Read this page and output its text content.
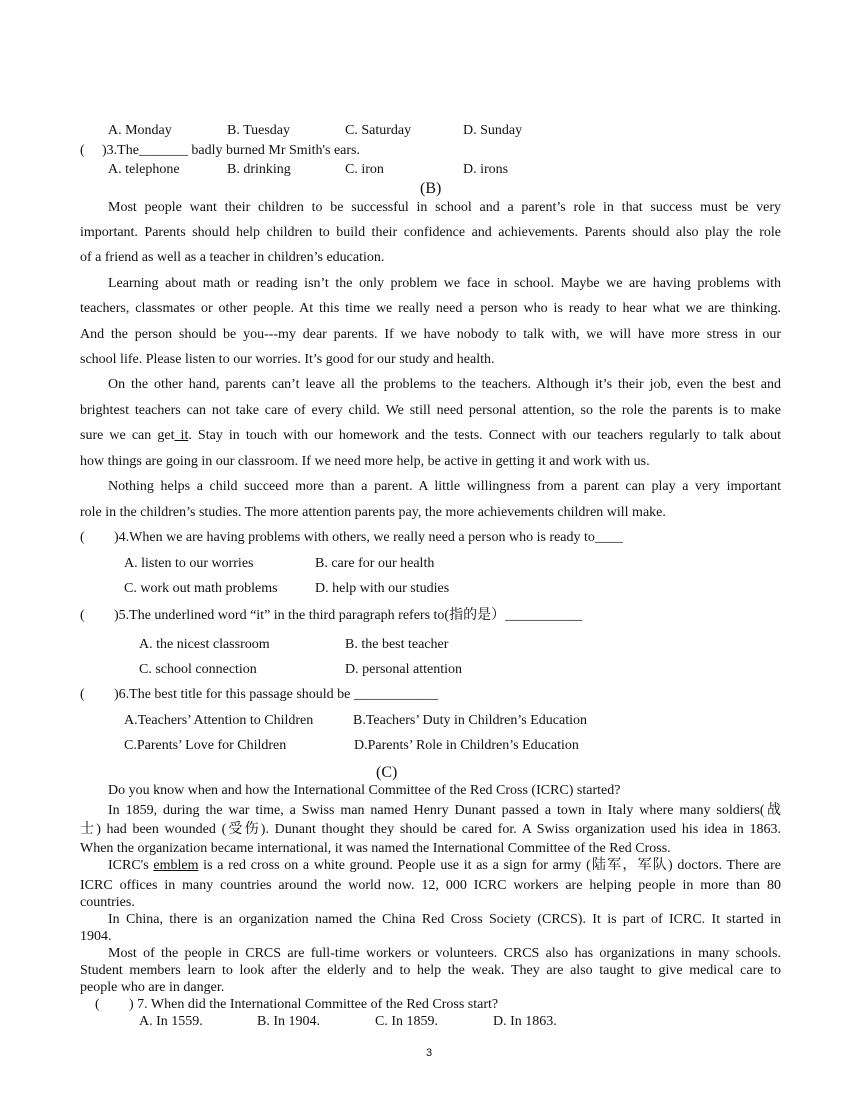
A. Monday	B. Tuesday	C. Saturday	D. Sunday
( )3.The_______ badly burned Mr Smith's ears.
A. telephone	B. drinking	C. iron	D. irons
(B)
Most people want their children to be successful in school and a parent’s role in that success must be very
important. Parents should help children to build their confidence and achievements. Parents should also play the role
of a friend as well as a teacher in children’s education.
Learning about math or reading isn’t the only problem we face in school. Maybe we are having problems with
teachers, classmates or other people. At this time we really need a person who is ready to hear what we are thinking.
And the person should be you---my dear parents. If we have nobody to talk with, we will have more stress in our
school life. Please listen to our worries. It’s good for our study and health.
On the other hand, parents can’t leave all the problems to the teachers. Although it’s their job, even the best and
brightest teachers can not take care of every child. We still need personal attention, so the role the parents is to make
sure we can get it. Stay in touch with our homework and the tests. Connect with our teachers regularly to talk about
how things are going in our classroom. If we need more help, be active in getting it and work with us.
Nothing helps a child succeed more than a parent. A little willingness from a parent can play a very important
role in the children’s studies. The more attention parents pay, the more achievements children will make.
( )4.When we are having problems with others, we really need a person who is ready to____
A. listen to our worries	B. care for our health
C. work out math problems	D. help with our studies
( )5.The underlined word “it” in the third paragraph refers to(指的是）___________
A. the nicest classroom	B. the best teacher
C. school connection	D. personal attention
( )6.The best title for this passage should be ____________
A.Teachers’ Attention to Children	B.Teachers’ Duty in Children’s Education
C.Parents’ Love for Children	D.Parents’ Role in Children’s Education
(C)
Do you know when and how the International Committee of the Red Cross (ICRC) started?
In 1859, during the war time, a Swiss man named Henry Dunant passed a town in Italy where many soldiers(战
士) had been wounded (受伤). Dunant thought they should be cared for. A Swiss organization used his idea in 1863.
When the organization became international, it was named the International Committee of the Red Cross.
ICRC's emblem is a red cross on a white ground. People use it as a sign for army (陆军，军队) doctors. There are
ICRC offices in many countries around the world now. 12, 000 ICRC workers are helping people in more than 80
countries.
In China, there is an organization named the China Red Cross Society (CRCS). It is part of ICRC. It started in
1904.
Most of the people in CRCS are full-time workers or volunteers. CRCS also has organizations in many schools.
Student members learn to look after the elderly and to help the weak. They are also taught to give medical care to
people who are in danger.
( ) 7. When did the International Committee of the Red Cross start?
A. In 1559.	B. In 1904.	C. In 1859.	D. In 1863.
3
